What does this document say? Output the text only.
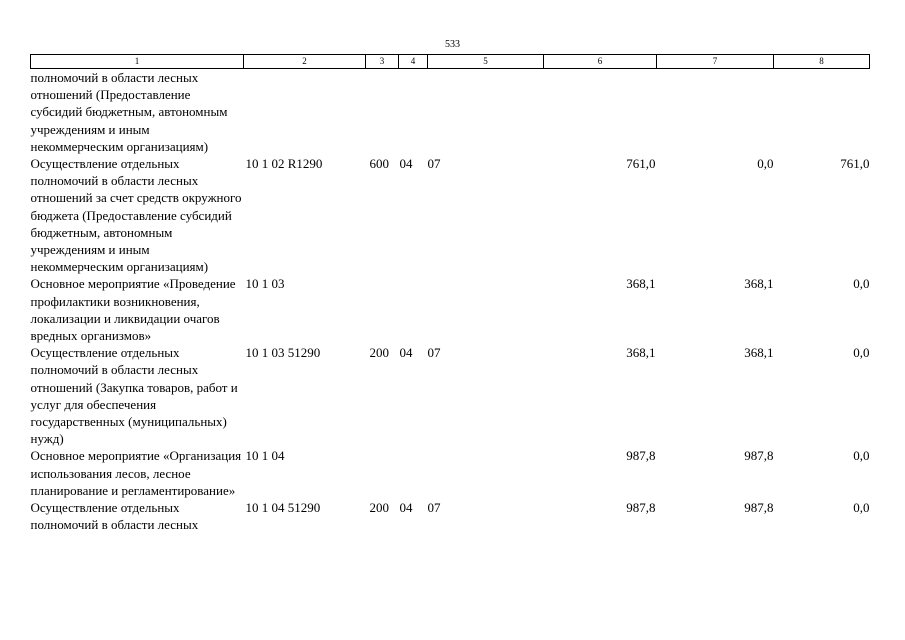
533
1	2	3	4	5	6	7	8
полномочий в области лесных отношений (Предоставление субсидий бюджетным, автономным учреждениям и иным некоммерческим организациям)							
Осуществление отдельных полномочий в области лесных отношений за счет средств окружного бюджета (Предоставление субсидий бюджетным, автономным учреждениям и иным некоммерческим организациям)	10 1 02 R1290	600	04	07	761,0	0,0	761,0
Основное мероприятие «Проведение профилактики возникновения, локализации и ликвидации очагов вредных организмов»	10 1 03				368,1	368,1	0,0
Осуществление отдельных полномочий в области лесных отношений (Закупка товаров, работ и услуг для обеспечения государственных (муниципальных) нужд)	10 1 03 51290	200	04	07	368,1	368,1	0,0
Основное мероприятие «Организация использования лесов, лесное планирование и регламентирование»	10 1 04				987,8	987,8	0,0
Осуществление отдельных полномочий в области лесных	10 1 04 51290	200	04	07	987,8	987,8	0,0
